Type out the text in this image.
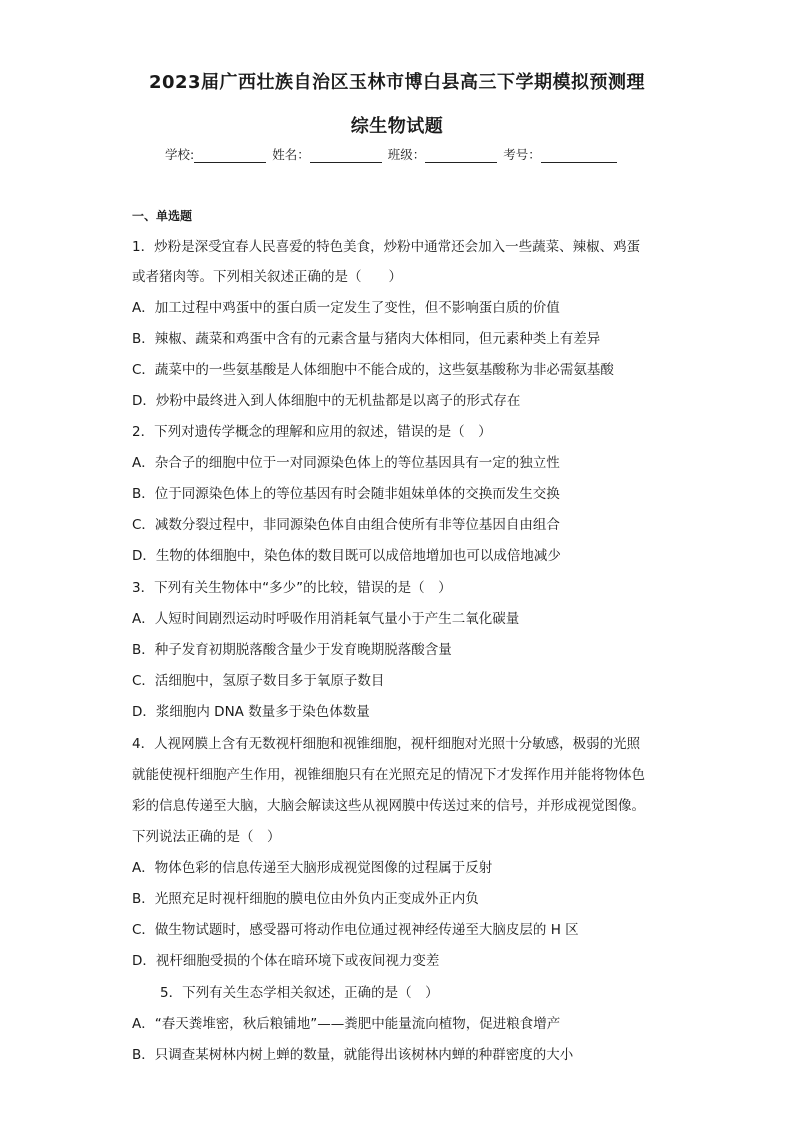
2023届广西壮族自治区玉林市博白县高三下学期模拟预测理
综生物试题
学校:	姓名：	班级：	考号：
一、单选题
1．炒粉是深受宜春人民喜爱的特色美食，炒粉中通常还会加入一些蔬菜、辣椒、鸡蛋
或者猪肉等。下列相关叙述正确的是（　　）
A．加工过程中鸡蛋中的蛋白质一定发生了变性，但不影响蛋白质的价值
B．辣椒、蔬菜和鸡蛋中含有的元素含量与猪肉大体相同，但元素种类上有差异
C．蔬菜中的一些氨基酸是人体细胞中不能合成的，这些氨基酸称为非必需氨基酸
D．炒粉中最终进入到人体细胞中的无机盐都是以离子的形式存在
2．下列对遗传学概念的理解和应用的叙述，错误的是（　）
A．杂合子的细胞中位于一对同源染色体上的等位基因具有一定的独立性
B．位于同源染色体上的等位基因有时会随非姐妹单体的交换而发生交换
C．减数分裂过程中，非同源染色体自由组合使所有非等位基因自由组合
D．生物的体细胞中，染色体的数目既可以成倍地增加也可以成倍地减少
3．下列有关生物体中“多少”的比较，错误的是（　）
A．人短时间剧烈运动时呼吸作用消耗氧气量小于产生二氧化碳量
B．种子发育初期脱落酸含量少于发育晚期脱落酸含量
C．活细胞中，氢原子数目多于氧原子数目
D．浆细胞内 DNA 数量多于染色体数量
4．人视网膜上含有无数视杆细胞和视锥细胞，视杆细胞对光照十分敏感，极弱的光照
就能使视杆细胞产生作用，视锥细胞只有在光照充足的情况下才发挥作用并能将物体色
彩的信息传递至大脑，大脑会解读这些从视网膜中传送过来的信号，并形成视觉图像。
下列说法正确的是（　）
A．物体色彩的信息传递至大脑形成视觉图像的过程属于反射
B．光照充足时视杆细胞的膜电位由外负内正变成外正内负
C．做生物试题时，感受器可将动作电位通过视神经传递至大脑皮层的 H 区
D．视杆细胞受损的个体在暗环境下或夜间视力变差
5．下列有关生态学相关叙述，正确的是（　）
A．“春天粪堆密，秋后粮铺地”——粪肥中能量流向植物，促进粮食增产
B．只调查某树林内树上蝉的数量，就能得出该树林内蝉的种群密度的大小
